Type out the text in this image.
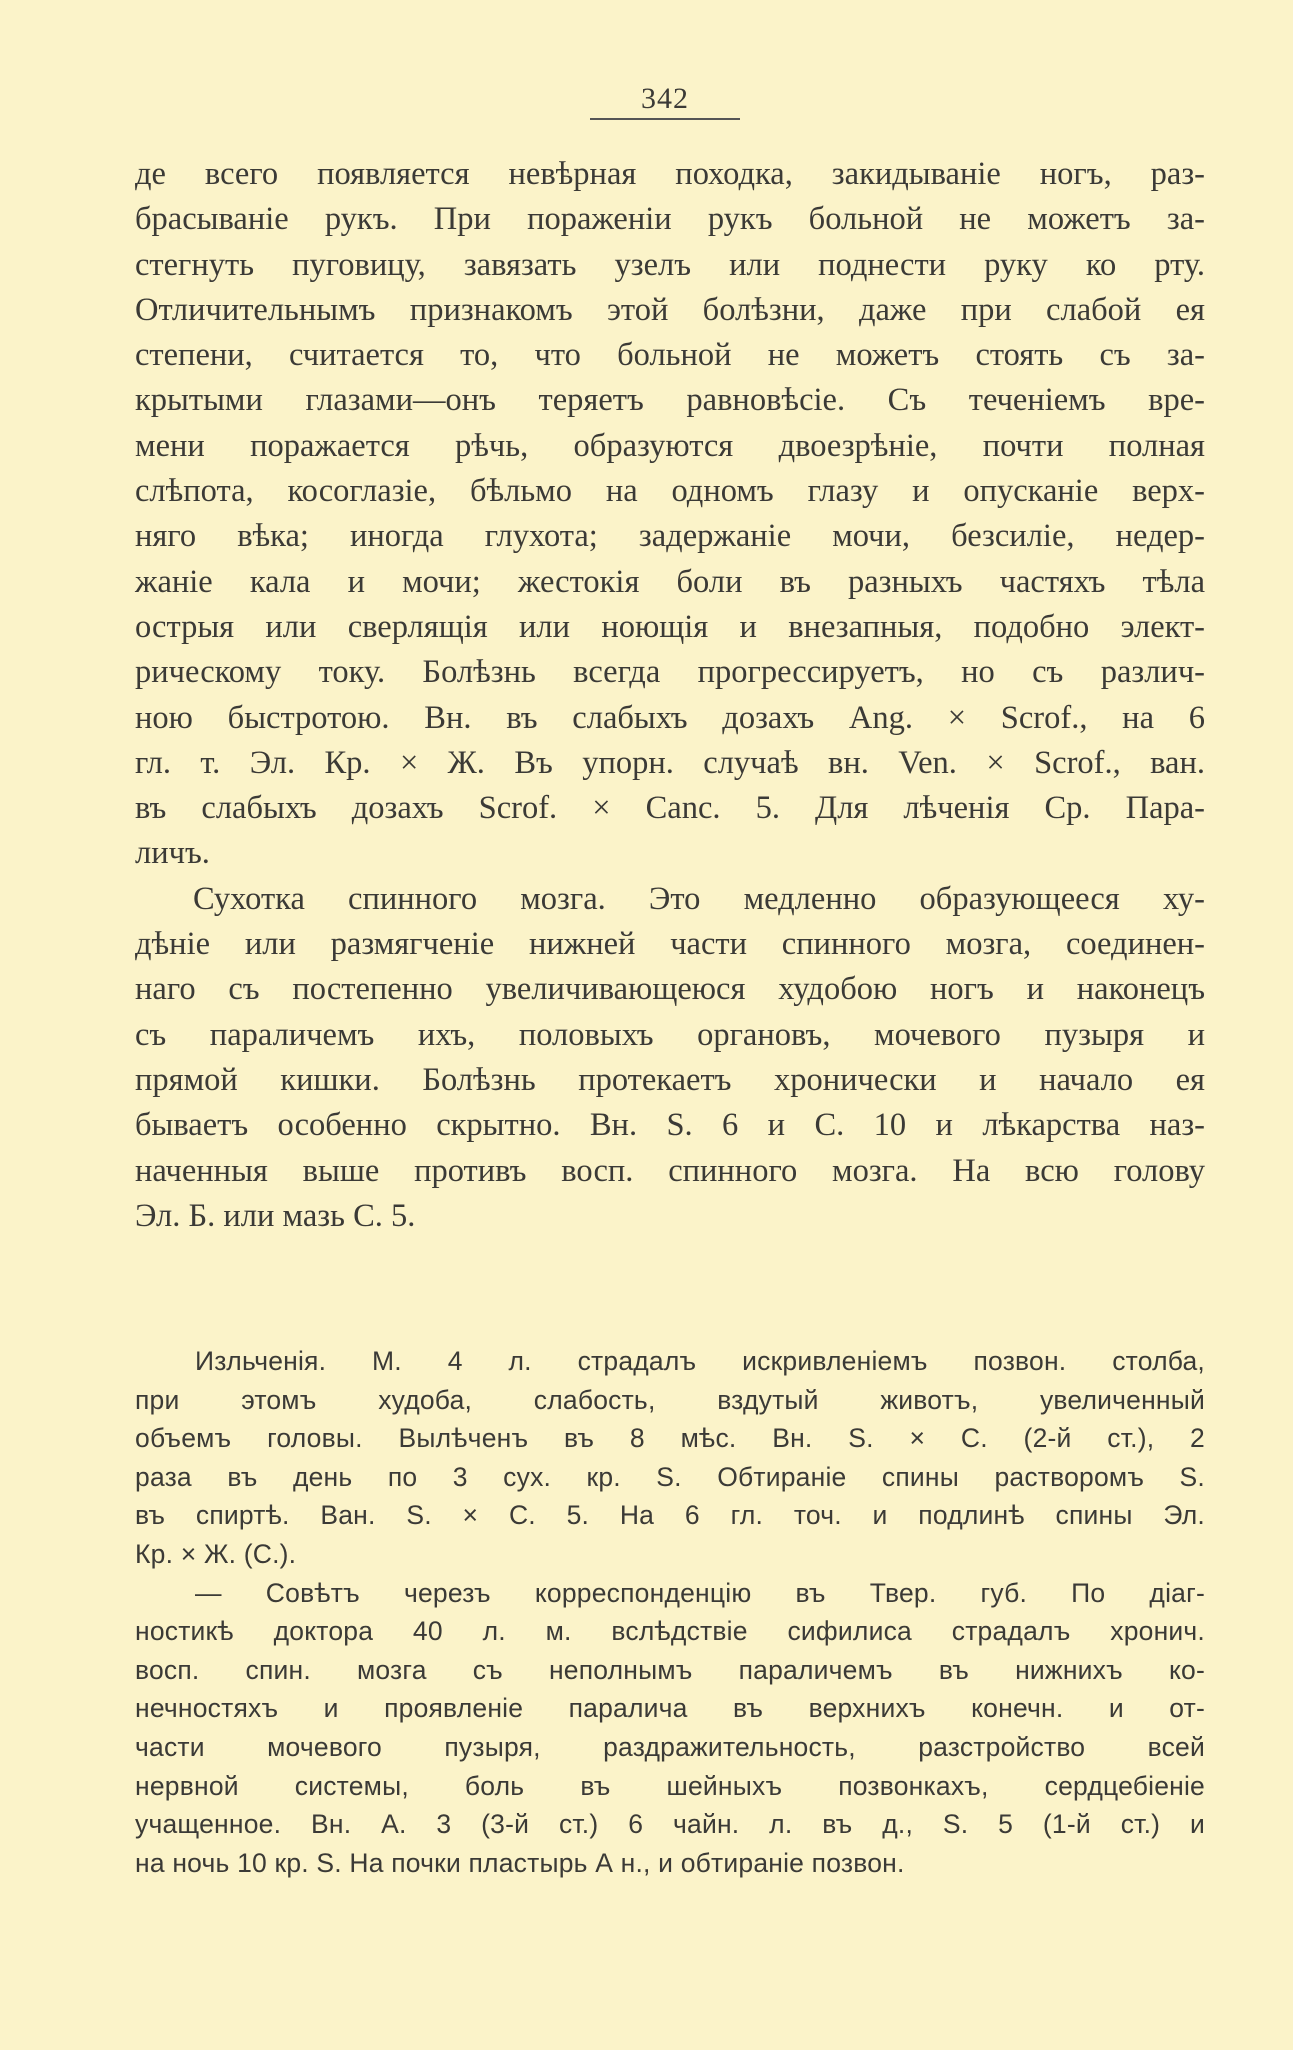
342
де всего появляется невѣрная походка, закидываніе ногъ, раз-
брасываніе рукъ. При пораженіи рукъ больной не можетъ за-
стегнуть пуговицу, завязать узелъ или поднести руку ко рту.
Отличительнымъ признакомъ этой болѣзни, даже при слабой ея
степени, считается то, что больной не можетъ стоять съ за-
крытыми глазами—онъ теряетъ равновѣсіе. Съ теченіемъ вре-
мени поражается рѣчь, образуются двоезрѣніе, почти полная
слѣпота, косоглазіе, бѣльмо на одномъ глазу и опусканіе верх-
няго вѣка; иногда глухота; задержаніе мочи, безсиліе, недер-
жаніе кала и мочи; жестокія боли въ разныхъ частяхъ тѣла
острыя или сверлящія или ноющія и внезапныя, подобно элект-
рическому току. Болѣзнь всегда прогрессируетъ, но съ различ-
ною быстротою. Вн. въ слабыхъ дозахъ Ang. × Scrof., на 6
гл. т. Эл. Кр. × Ж. Въ упорн. случаѣ вн. Ven. × Scrof., ван.
въ слабыхъ дозахъ Scrof. × Canc. 5. Для лѣченія Ср. Пара-
личъ.
Сухотка спинного мозга. Это медленно образующееся ху-
дѣніе или размягченіе нижней части спинного мозга, соединен-
наго съ постепенно увеличивающеюся худобою ногъ и наконецъ
съ параличемъ ихъ, половыхъ органовъ, мочевого пузыря и
прямой кишки. Болѣзнь протекаетъ хронически и начало ея
бываетъ особенно скрытно. Вн. S. 6 и С. 10 и лѣкарства наз-
наченныя выше противъ восп. спинного мозга. На всю голову
Эл. Б. или мазь С. 5.
Изльченія. М. 4 л. страдалъ искривленіемъ позвон. столба,
при этомъ худоба, слабость, вздутый животъ, увеличенный
объемъ головы. Вылѣченъ въ 8 мѣс. Вн. S. × С. (2-й ст.), 2
раза въ день по 3 сух. кр. S. Обтираніе спины растворомъ S.
въ спиртѣ. Ван. S. × С. 5. На 6 гл. точ. и подлинѣ спины Эл.
Кр. × Ж. (С.).
— Совѣтъ черезъ корреспонденцію въ Твер. губ. По діаг-
ностикѣ доктора 40 л. м. вслѣдствіе сифилиса страдалъ хронич.
восп. спин. мозга съ неполнымъ параличемъ въ нижнихъ ко-
нечностяхъ и проявленіе паралича въ верхнихъ конечн. и от-
части мочевого пузыря, раздражительность, разстройство всей
нервной системы, боль въ шейныхъ позвонкахъ, сердцебіеніе
учащенное. Вн. А. 3 (3-й ст.) 6 чайн. л. въ д., S. 5 (1-й ст.) и
на ночь 10 кр. S. На почки пластырь А н., и обтираніе позвон.
